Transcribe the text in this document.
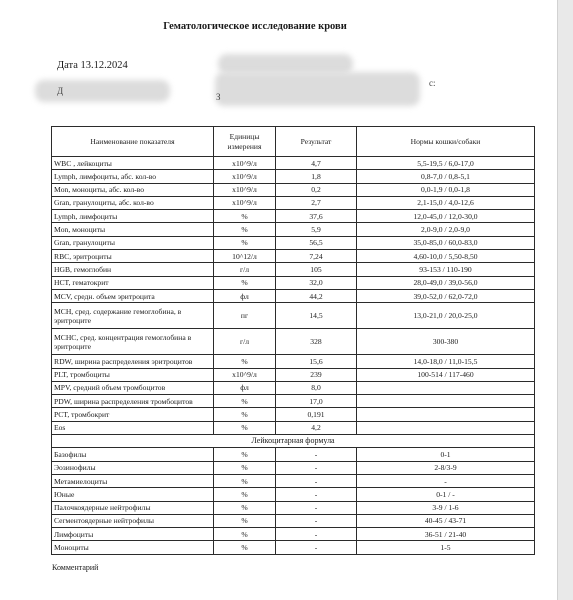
Гематологическое исследование крови
Дата 13.12.2024
с:
Д
З
Наименование показателя	Единицы измерения	Результат	Нормы кошки/собаки
WBC , лейкоциты	x10^9/л	4,7	5,5-19,5 / 6,0-17,0
Lymph, лимфоциты, абс. кол-во	x10^9/л	1,8	0,8-7,0 / 0,8-5,1
Mon, моноциты, абс. кол-во	x10^9/л	0,2	0,0-1,9 / 0,0-1,8
Gran, гранулоциты, абс. кол-во	x10^9/л	2,7	2,1-15,0 / 4,0-12,6
Lymph, лимфоциты	%	37,6	12,0-45,0 / 12,0-30,0
Mon, моноциты	%	5,9	2,0-9,0 / 2,0-9,0
Gran, гранулоциты	%	56,5	35,0-85,0 / 60,0-83,0
RBC, эритроциты	10^12/л	7,24	4,60-10,0 / 5,50-8,50
HGB, гемоглобин	г/л	105	93-153 / 110-190
HCT, гематокрит	%	32,0	28,0-49,0 / 39,0-56,0
MCV, средн. объем эритроцита	фл	44,2	39,0-52,0 / 62,0-72,0
MCH, сред. содержание гемоглобина, в эритроците	пг	14,5	13,0-21,0 / 20,0-25,0
MCHC, сред. концентрация гемоглобина в эритроците	г/л	328	300-380
RDW, ширина распределения эритроцитов	%	15,6	14,0-18,0 / 11,0-15,5
PLT, тромбоциты	x10^9/л	239	100-514 / 117-460
MPV, средний объем тромбоцитов	фл	8,0	
PDW, ширина распределения тромбоцитов	%	17,0	
PCT, тромбокрит	%	0,191	
Eos	%	4,2	
Лейкоцитарная формула			
Базофилы	%	-	0-1
Эозинофилы	%	-	2-8/3-9
Метамиелоциты	%	-	-
Юные	%	-	0-1 / -
Палочкоядерные нейтрофилы	%	-	3-9 / 1-6
Сегментоядерные нейтрофилы	%	-	40-45 / 43-71
Лимфоциты	%	-	36-51 / 21-40
Моноциты	%	-	1-5
Комментарий
